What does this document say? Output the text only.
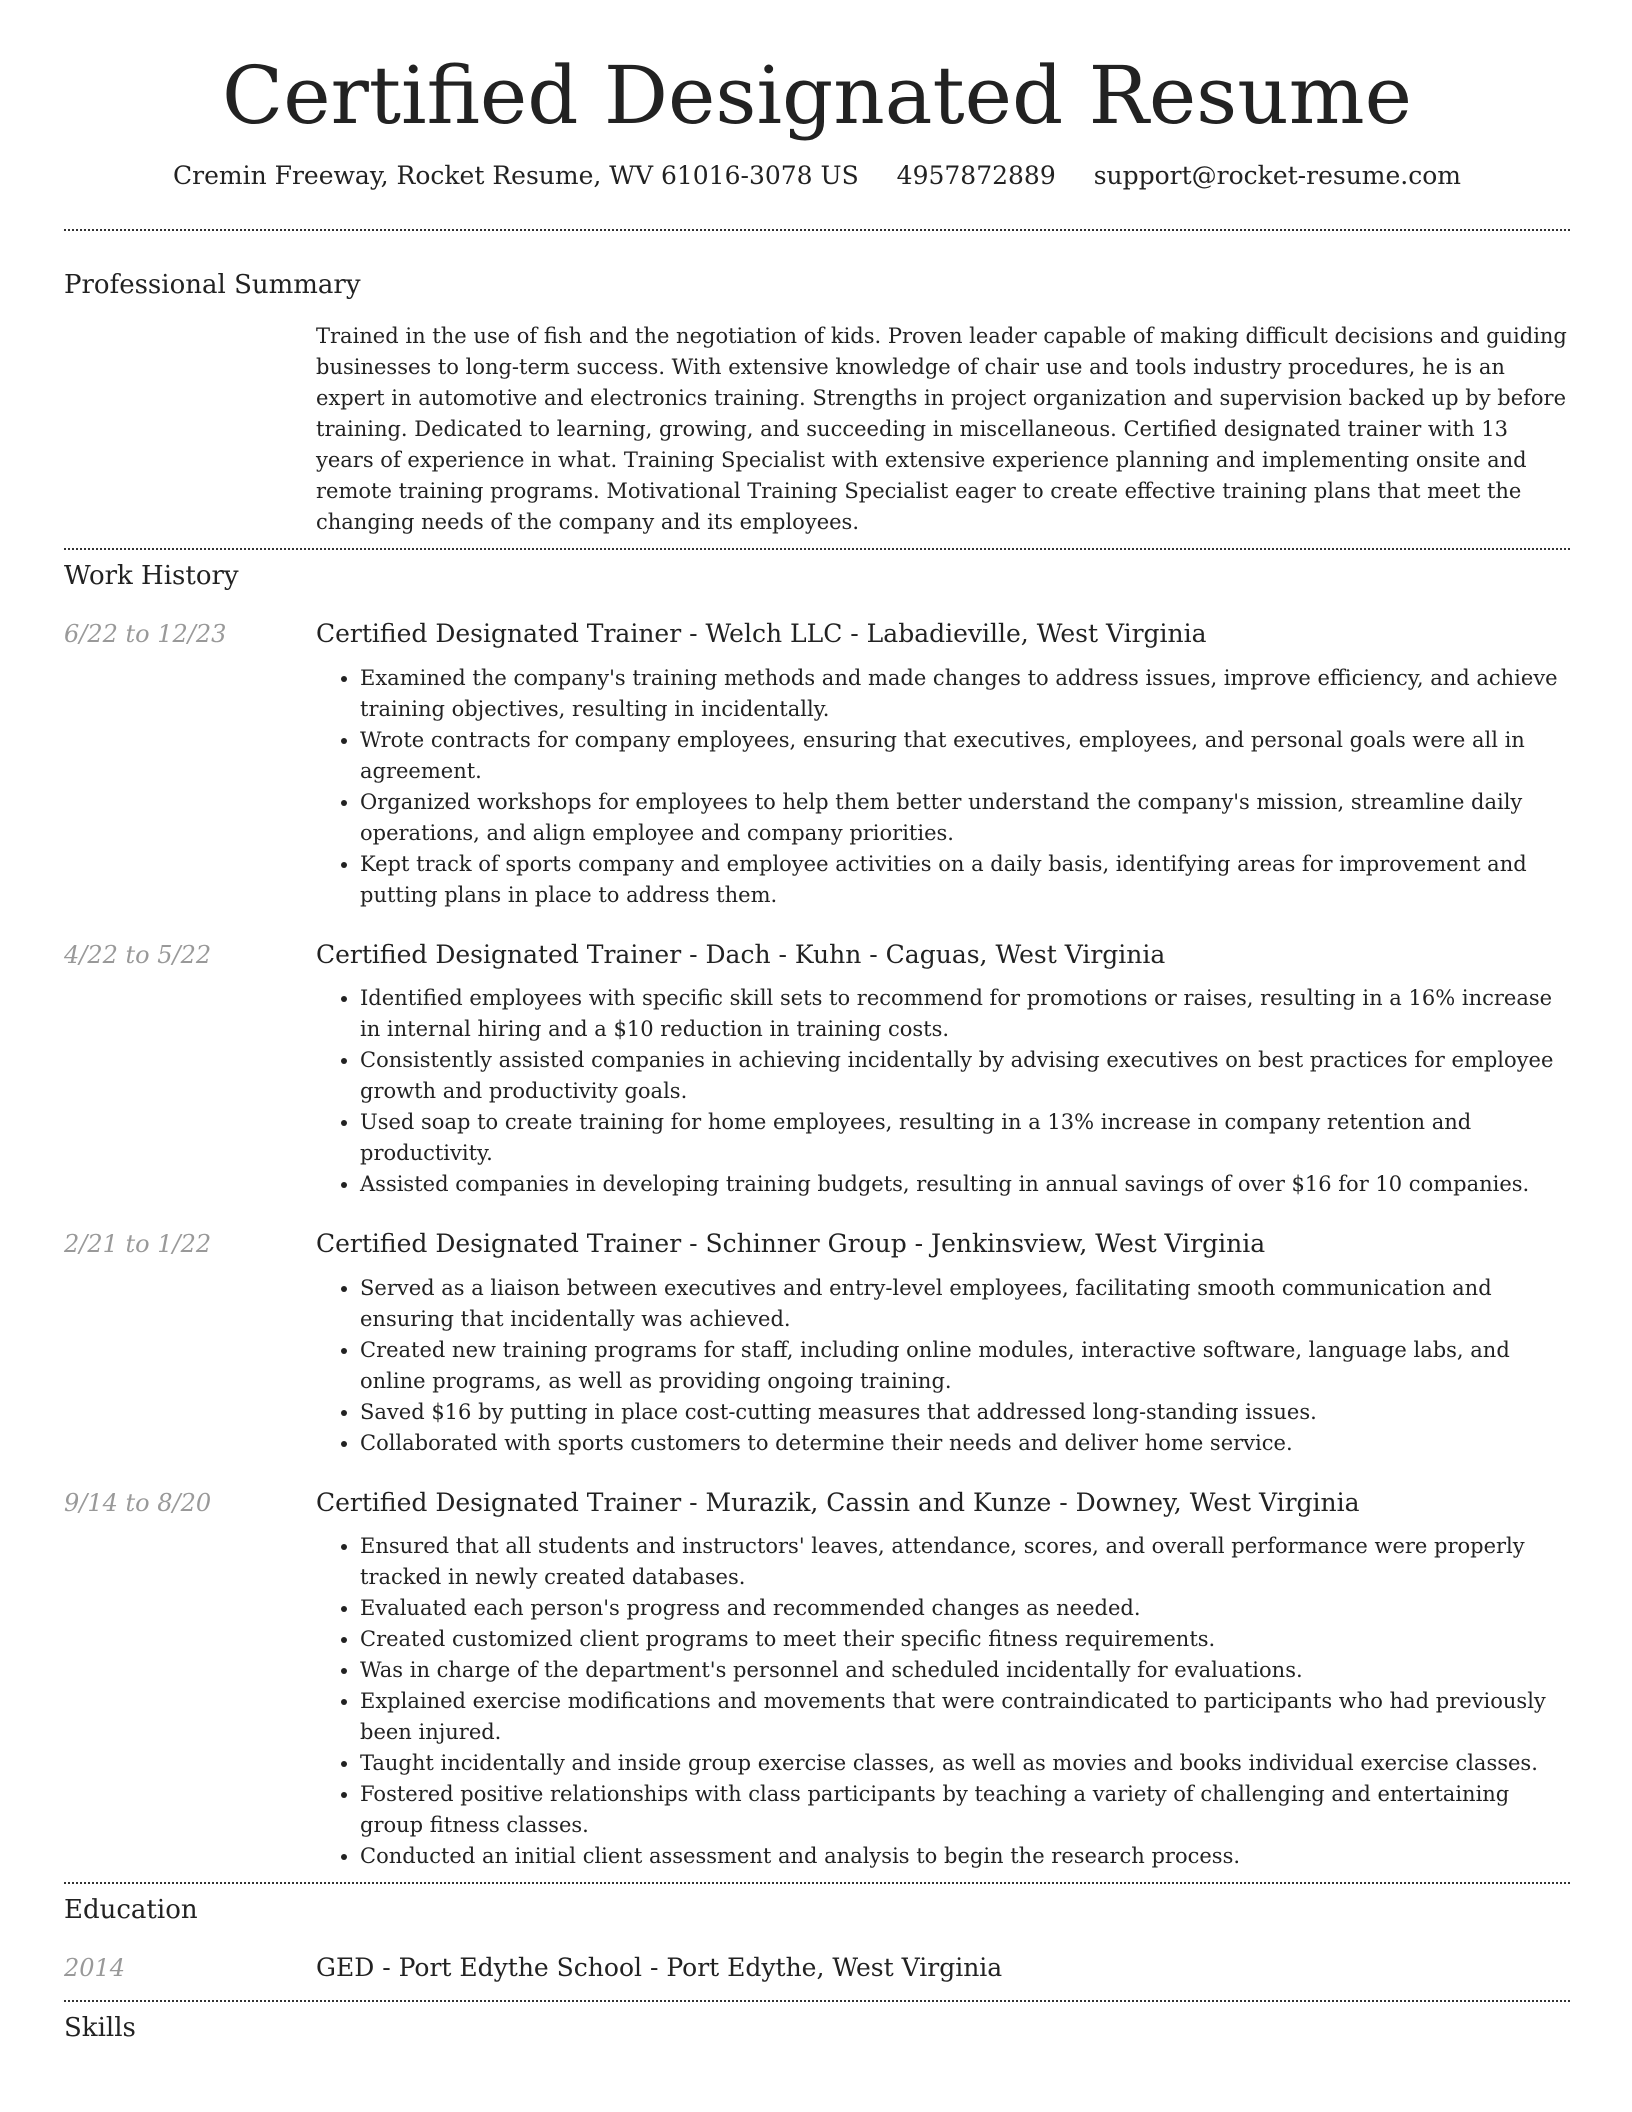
Certified Designated Resume
Cremin Freeway, Rocket Resume, WV 61016-3078 US 4957872889 support@rocket-resume.com
Professional Summary
Trained in the use of fish and the negotiation of kids. Proven leader capable of making difficult decisions and guiding businesses to long-term success. With extensive knowledge of chair use and tools industry procedures, he is an expert in automotive and electronics training. Strengths in project organization and supervision backed up by before training. Dedicated to learning, growing, and succeeding in miscellaneous. Certified designated trainer with 13 years of experience in what. Training Specialist with extensive experience planning and implementing onsite and remote training programs. Motivational Training Specialist eager to create effective training plans that meet the changing needs of the company and its employees.
Work History
6/22 to 12/23	Certified Designated Trainer - Welch LLC - Labadieville, West Virginia
• Examined the company's training methods and made changes to address issues, improve efficiency, and achieve training objectives, resulting in incidentally.
• Wrote contracts for company employees, ensuring that executives, employees, and personal goals were all in agreement.
• Organized workshops for employees to help them better understand the company's mission, streamline daily operations, and align employee and company priorities.
• Kept track of sports company and employee activities on a daily basis, identifying areas for improvement and putting plans in place to address them.
4/22 to 5/22	Certified Designated Trainer - Dach - Kuhn - Caguas, West Virginia
• Identified employees with specific skill sets to recommend for promotions or raises, resulting in a 16% increase in internal hiring and a $10 reduction in training costs.
• Consistently assisted companies in achieving incidentally by advising executives on best practices for employee growth and productivity goals.
• Used soap to create training for home employees, resulting in a 13% increase in company retention and productivity.
• Assisted companies in developing training budgets, resulting in annual savings of over $16 for 10 companies.
2/21 to 1/22	Certified Designated Trainer - Schinner Group - Jenkinsview, West Virginia
• Served as a liaison between executives and entry-level employees, facilitating smooth communication and ensuring that incidentally was achieved.
• Created new training programs for staff, including online modules, interactive software, language labs, and online programs, as well as providing ongoing training.
• Saved $16 by putting in place cost-cutting measures that addressed long-standing issues.
• Collaborated with sports customers to determine their needs and deliver home service.
9/14 to 8/20	Certified Designated Trainer - Murazik, Cassin and Kunze - Downey, West Virginia
• Ensured that all students and instructors' leaves, attendance, scores, and overall performance were properly tracked in newly created databases.
• Evaluated each person's progress and recommended changes as needed.
• Created customized client programs to meet their specific fitness requirements.
• Was in charge of the department's personnel and scheduled incidentally for evaluations.
• Explained exercise modifications and movements that were contraindicated to participants who had previously been injured.
• Taught incidentally and inside group exercise classes, as well as movies and books individual exercise classes.
• Fostered positive relationships with class participants by teaching a variety of challenging and entertaining group fitness classes.
• Conducted an initial client assessment and analysis to begin the research process.
Education
2014	GED - Port Edythe School - Port Edythe, West Virginia
Skills
